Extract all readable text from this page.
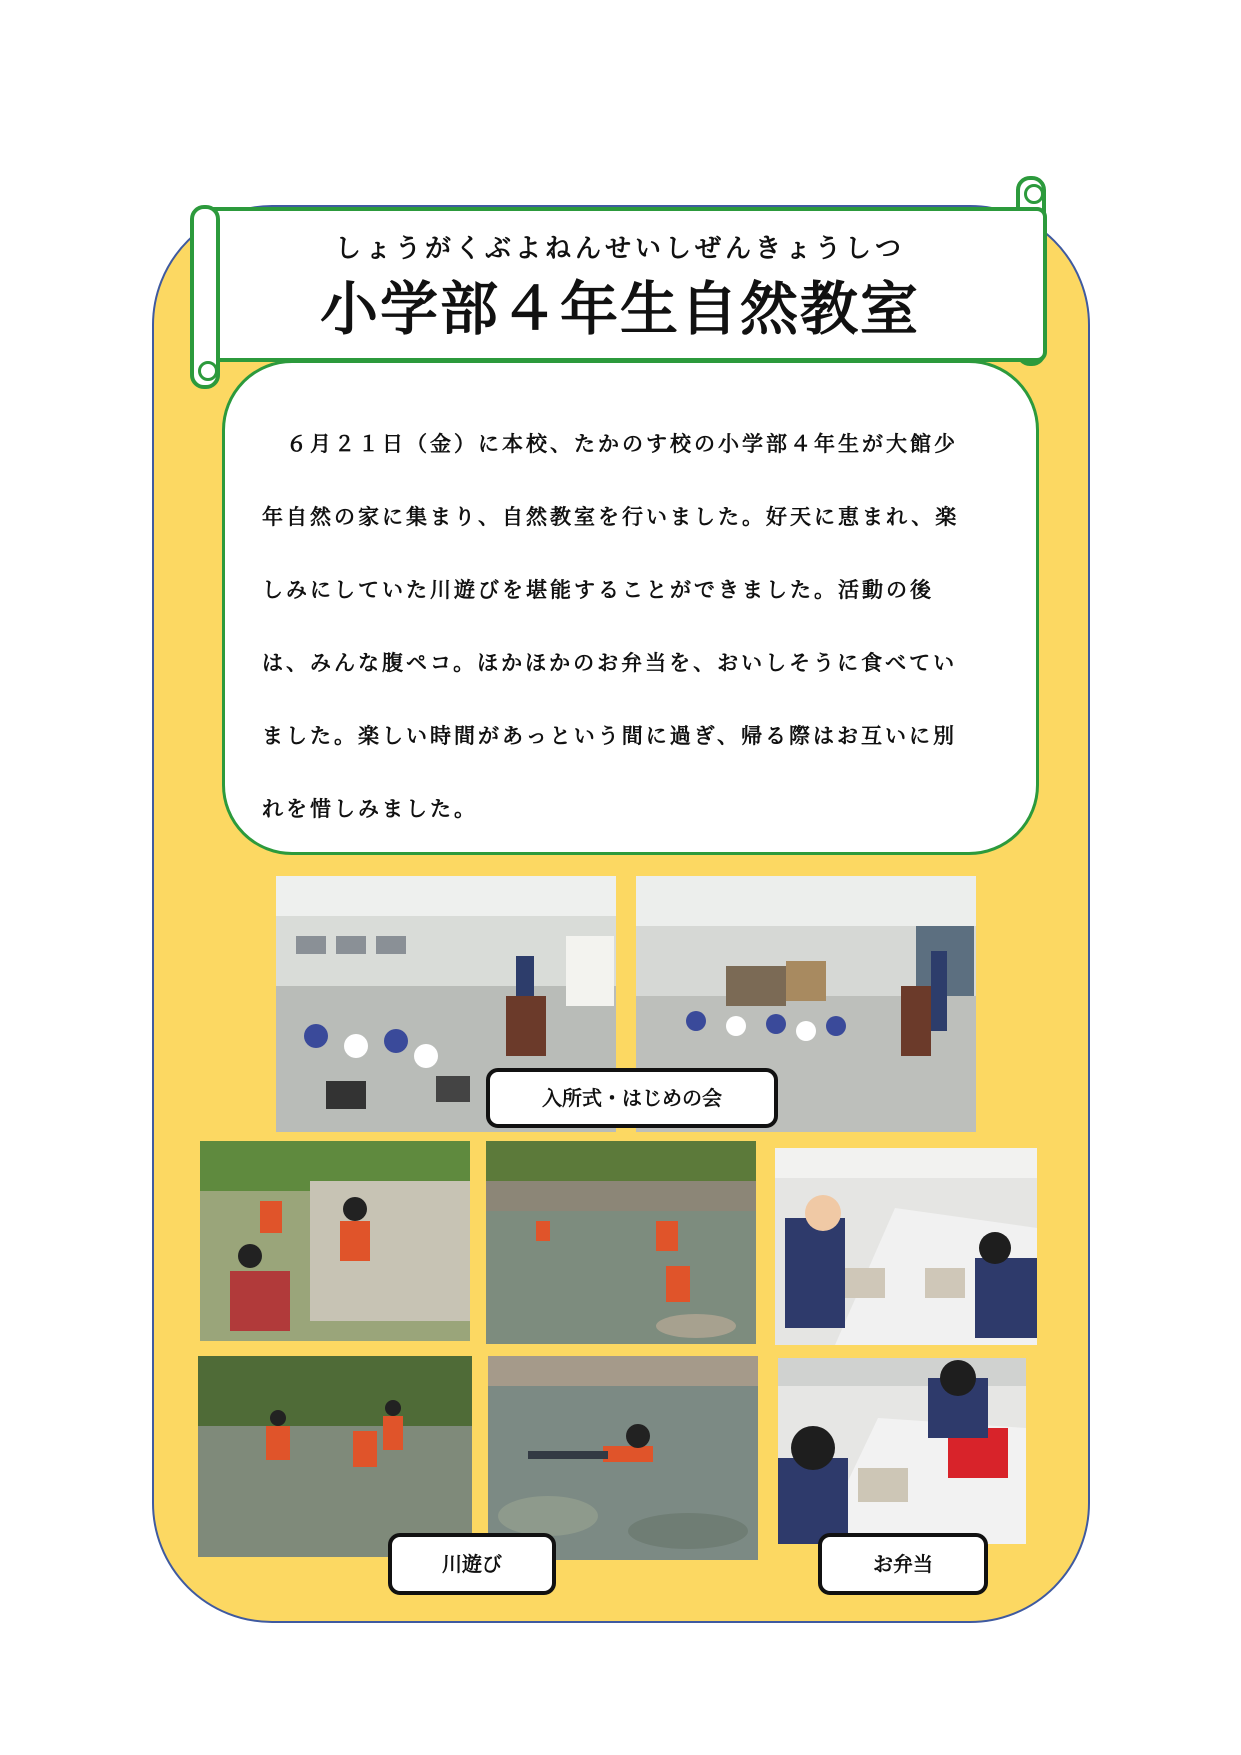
しょうがくぶよねんせいしぜんきょうしつ
小学部４年生自然教室

　６月２１日（金）に本校、たかのす校の小学部４年生が大館少
年自然の家に集まり、自然教室を行いました。好天に恵まれ、楽
しみにしていた川遊びを堪能することができました。活動の後
は、みんな腹ペコ。ほかほかのお弁当を、おいしそうに食べてい
ました。楽しい時間があっという間に過ぎ、帰る際はお互いに別
れを惜しみました。

入所式・はじめの会
川遊び	お弁当
